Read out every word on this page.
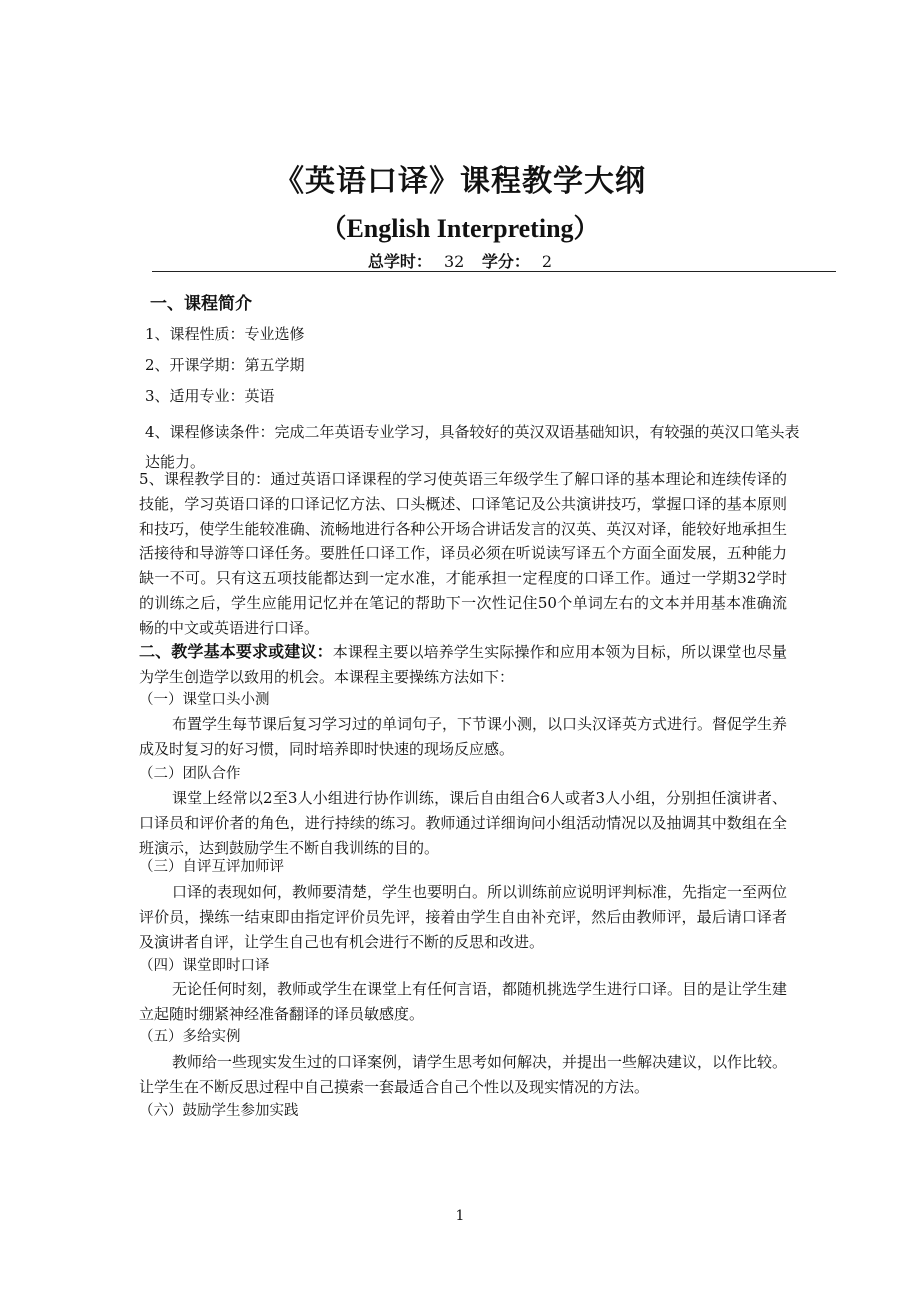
《英语口译》课程教学大纲
（English Interpreting）
总学时： 32 学分： 2
一、课程简介
1、课程性质：专业选修
2、开课学期：第五学期
3、适用专业：英语
4、课程修读条件：完成二年英语专业学习，具备较好的英汉双语基础知识，有较强的英汉口笔头表达能力。
5、课程教学目的：通过英语口译课程的学习使英语三年级学生了解口译的基本理论和连续传译的技能，学习英语口译的口译记忆方法、口头概述、口译笔记及公共演讲技巧，掌握口译的基本原则和技巧，使学生能较准确、流畅地进行各种公开场合讲话发言的汉英、英汉对译，能较好地承担生活接待和导游等口译任务。要胜任口译工作，译员必须在听说读写译五个方面全面发展，五种能力缺一不可。只有这五项技能都达到一定水准，才能承担一定程度的口译工作。通过一学期32学时的训练之后，学生应能用记忆并在笔记的帮助下一次性记住50个单词左右的文本并用基本准确流畅的中文或英语进行口译。
二、教学基本要求或建议：本课程主要以培养学生实际操作和应用本领为目标，所以课堂也尽量为学生创造学以致用的机会。本课程主要操练方法如下：
（一）课堂口头小测
布置学生每节课后复习学习过的单词句子，下节课小测，以口头汉译英方式进行。督促学生养成及时复习的好习惯，同时培养即时快速的现场反应感。
（二）团队合作
课堂上经常以2至3人小组进行协作训练，课后自由组合6人或者3人小组，分别担任演讲者、口译员和评价者的角色，进行持续的练习。教师通过详细询问小组活动情况以及抽调其中数组在全班演示，达到鼓励学生不断自我训练的目的。
（三）自评互评加师评
口译的表现如何，教师要清楚，学生也要明白。所以训练前应说明评判标准，先指定一至两位评价员，操练一结束即由指定评价员先评，接着由学生自由补充评，然后由教师评，最后请口译者及演讲者自评，让学生自己也有机会进行不断的反思和改进。
（四）课堂即时口译
无论任何时刻，教师或学生在课堂上有任何言语，都随机挑选学生进行口译。目的是让学生建立起随时绷紧神经准备翻译的译员敏感度。
（五）多给实例
教师给一些现实发生过的口译案例，请学生思考如何解决，并提出一些解决建议，以作比较。让学生在不断反思过程中自己摸索一套最适合自己个性以及现实情况的方法。
（六）鼓励学生参加实践
1
